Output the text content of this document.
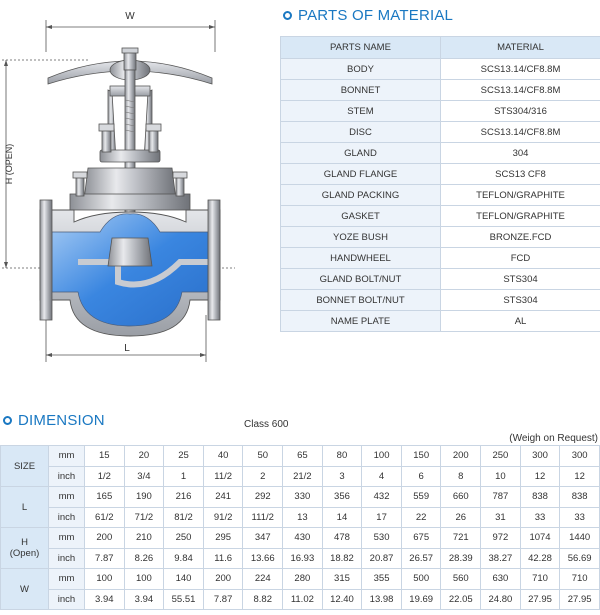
W
H (OPEN)
L
PARTS OF MATERIAL
PARTS NAME	MATERIAL
BODY	SCS13.14/CF8.8M
BONNET	SCS13.14/CF8.8M
STEM	STS304/316
DISC	SCS13.14/CF8.8M
GLAND	304
GLAND FLANGE	SCS13 CF8
GLAND PACKING	TEFLON/GRAPHITE
GASKET	TEFLON/GRAPHITE
YOZE BUSH	BRONZE.FCD
HANDWHEEL	FCD
GLAND BOLT/NUT	STS304
BONNET BOLT/NUT	STS304
NAME PLATE	AL
DIMENSION	Class 600
(Weigh on Request)
SIZE	mm	15	20	25	40	50	65	80	100	150	200	250	300	300
	inch	1/2	3/4	1	11/2	2	21/2	3	4	6	8	10	12	12

L	mm	165	190	216	241	292	330	356	432	559	660	787	838	838
	inch	61/2	71/2	81/2	91/2	111/2	13	14	17	22	26	31	33	33

H
(Open)	mm	200	210	250	295	347	430	478	530	675	721	972	1074	1440
	inch	7.87	8.26	9.84	11.6	13.66	16.93	18.82	20.87	26.57	28.39	38.27	42.28	56.69

W	mm	100	100	140	200	224	280	315	355	500	560	630	710	710
	inch	3.94	3.94	55.51	7.87	8.82	11.02	12.40	13.98	19.69	22.05	24.80	27.95	27.95
